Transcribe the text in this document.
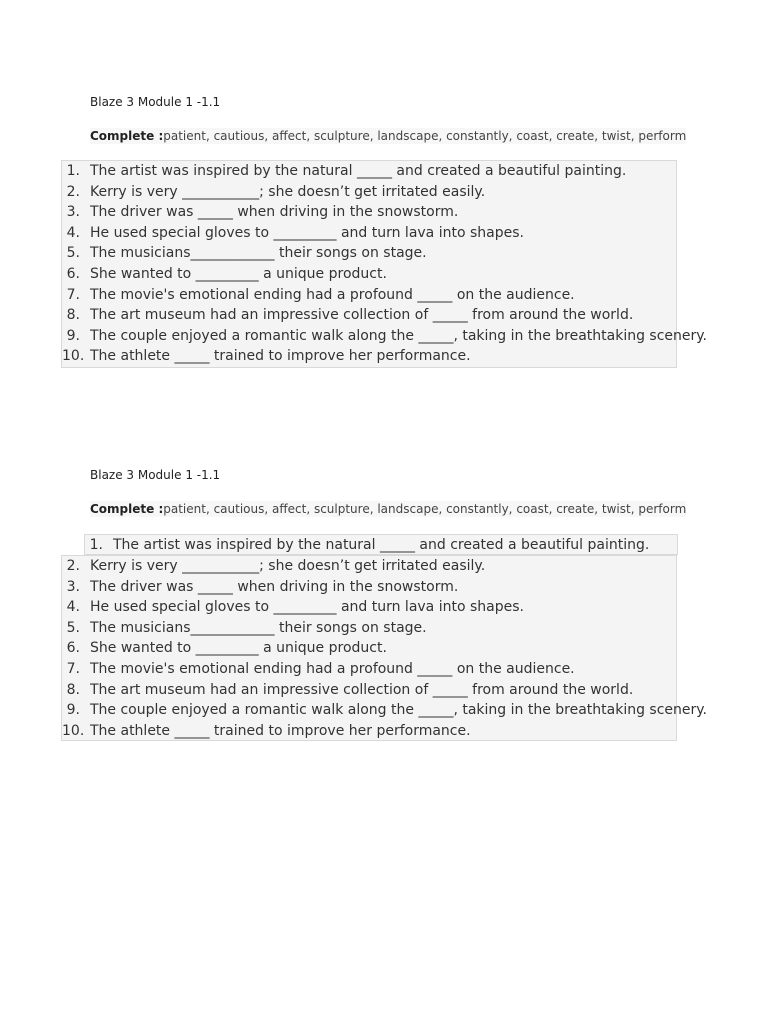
Blaze 3 Module 1 -1.1
Complete :patient, cautious, affect, sculpture, landscape, constantly, coast, create, twist, perform
1. The artist was inspired by the natural _____ and created a beautiful painting.
2. Kerry is very ___________; she doesn’t get irritated easily.
3. The driver was _____ when driving in the snowstorm.
4. He used special gloves to _________ and turn lava into shapes.
5. The musicians____________ their songs on stage.
6. She wanted to _________ a unique product.
7. The movie's emotional ending had a profound _____ on the audience.
8. The art museum had an impressive collection of _____ from around the world.
9. The couple enjoyed a romantic walk along the _____, taking in the breathtaking scenery.
10. The athlete _____ trained to improve her performance.
Blaze 3 Module 1 -1.1
Complete :patient, cautious, affect, sculpture, landscape, constantly, coast, create, twist, perform
1. The artist was inspired by the natural _____ and created a beautiful painting.
2. Kerry is very ___________; she doesn’t get irritated easily.
3. The driver was _____ when driving in the snowstorm.
4. He used special gloves to _________ and turn lava into shapes.
5. The musicians____________ their songs on stage.
6. She wanted to _________ a unique product.
7. The movie's emotional ending had a profound _____ on the audience.
8. The art museum had an impressive collection of _____ from around the world.
9. The couple enjoyed a romantic walk along the _____, taking in the breathtaking scenery.
10. The athlete _____ trained to improve her performance.
